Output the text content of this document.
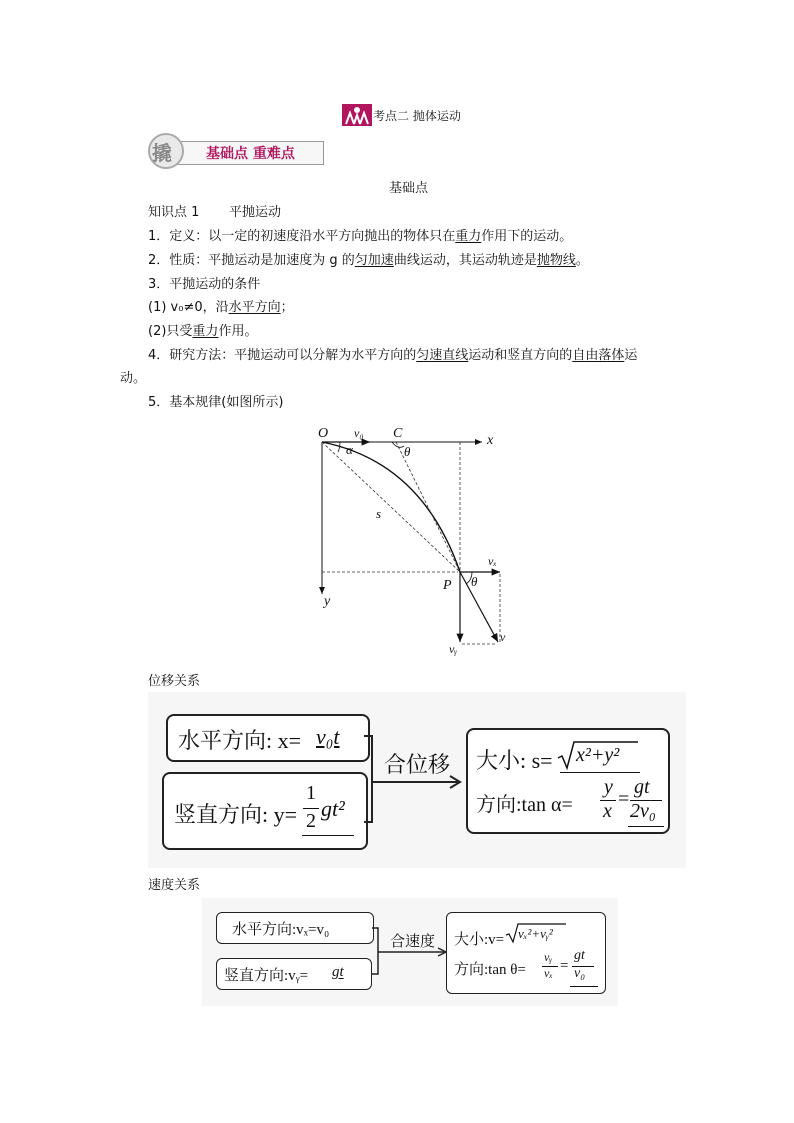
考点二 抛体运动
撬 基础点 重难点
基础点
知识点 1 平抛运动
1．定义：以一定的初速度沿水平方向抛出的物体只在重力作用下的运动。
2．性质：平抛运动是加速度为 g 的匀加速曲线运动，其运动轨迹是抛物线。
3．平抛运动的条件
(1) v₀≠0，沿水平方向；
(2)只受重力作用。
4．研究方法：平抛运动可以分解为水平方向的匀速直线运动和竖直方向的自由落体运
动。
5．基本规律(如图所示)
O v₀ C	x
α	θ
s
vₓ
P θ
y
v
vᵧ
位移关系
水平方向: x= v₀t
竖直方向: y=
1
2 gt²
合位移 大小: s= x²+y²
方向:tan α=
y
x
=
gt
2v₀
速度关系
水平方向:vₓ=v₀
竖直方向:vᵧ= gt
合速度 大小:v= vₓ²+vᵧ²
方向:tan θ=
vᵧ
vₓ =
gt
v₀
